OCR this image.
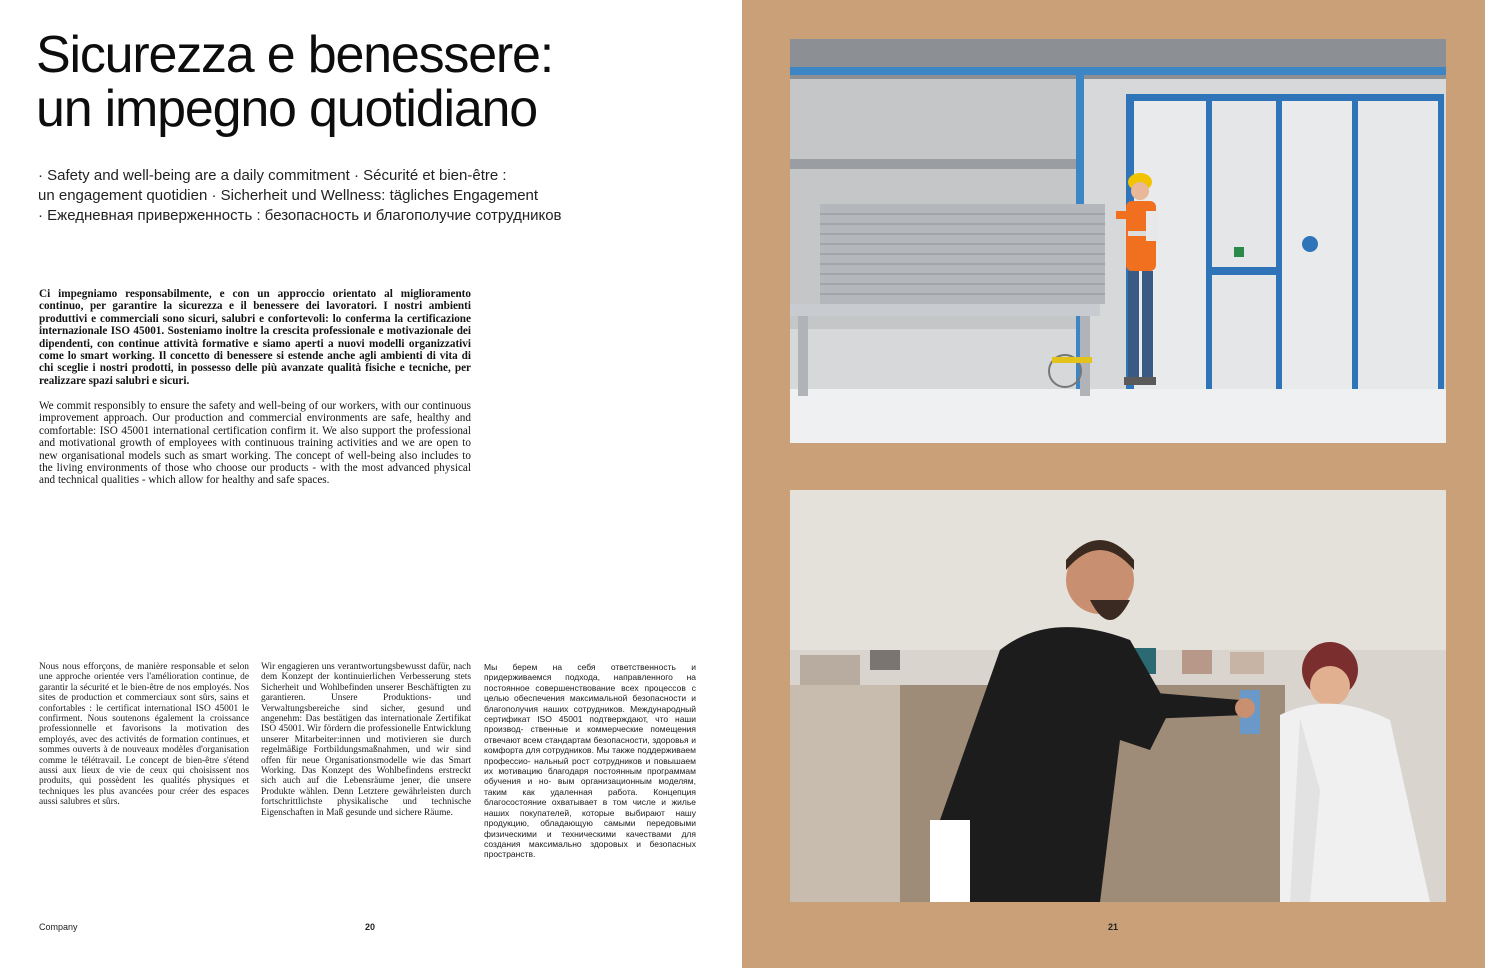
Sicurezza e benessere:
un impegno quotidiano
· Safety and well-being are a daily commitment · Sécurité et bien-être :
un engagement quotidien · Sicherheit und Wellness: tägliches Engagement
· Ежедневная приверженность : безопасность и благополучие сотрудников

Ci impegniamo responsabilmente, e con un approccio orientato al miglioramento continuo, per garantire la sicurezza e il benessere dei lavoratori. I nostri ambienti produttivi e commerciali sono sicuri, salubri e confortevoli: lo conferma la certificazione internazionale ISO 45001. Sosteniamo inoltre la crescita professionale e motivazionale dei dipendenti, con continue attività formative e siamo aperti a nuovi modelli organizzativi come lo smart working. Il concetto di benessere si estende anche agli ambienti di vita di chi sceglie i nostri prodotti, in possesso delle più avanzate qualità fisiche e tecniche, per realizzare spazi salubri e sicuri.

We commit responsibly to ensure the safety and well-being of our workers, with our continuous improvement approach. Our production and commercial environments are safe, healthy and comfortable: ISO 45001 international certification confirm it. We also support the professional and motivational growth of employees with continuous training activities and we are open to new organisational models such as smart working. The concept of well-being also includes to the living environments of those who choose our products - with the most advanced physical and technical qualities - which allow for healthy and safe spaces.

Nous nous efforçons, de manière responsable et selon une approche orientée vers l'amélioration continue, de garantir la sécurité et le bien-être de nos employés. Nos sites de production et commerciaux sont sûrs, sains et confortables : le certificat international ISO 45001 le confirment. Nous soutenons également la croissance professionnelle et favorisons la motivation des employés, avec des activités de formation continues, et sommes ouverts à de nouveaux modèles d'organisation comme le télétravail. Le concept de bien-être s'étend aussi aux lieux de vie de ceux qui choisissent nos produits, qui possèdent les qualités physiques et techniques les plus avancées pour créer des espaces aussi salubres et sûrs.

Wir engagieren uns verantwortungsbewusst dafür, nach dem Konzept der kontinuierlichen Verbesserung stets Sicherheit und Wohlbefinden unserer Beschäftigten zu garantieren. Unsere Produktions- und Verwaltungsbereiche sind sicher, gesund und angenehm: Das bestätigen das internationale Zertifikat ISO 45001. Wir fördern die professionelle Entwicklung unserer Mitarbeiter:innen und motivieren sie durch regelmäßige Fortbildungsmaßnahmen, und wir sind offen für neue Organisationsmodelle wie das Smart Working. Das Konzept des Wohlbefindens erstreckt sich auch auf die Lebensräume jener, die unsere Produkte wählen. Denn Letztere gewährleisten durch fortschrittlichste physikalische und technische Eigenschaften in Maß gesunde und sichere Räume.

Мы берем на себя ответственность и придерживаемся подхода, направленного на постоянное совершенствование всех процессов с целью обеспечения максимальной безопасности и благополучия наших сотрудников. Международный сертификат ISO 45001 подтверждают, что наши производ- ственные и коммерческие помещения отвечают всем стандартам безопасности, здоровья и комфорта для сотрудников. Мы также поддерживаем профессио- нальный рост сотрудников и повышаем их мотивацию благодаря постоянным программам обучения и но- вым организационным моделям, таким как удаленная работа. Концепция благосостояние охватывает в том числе и жилье наших покупателей, которые выбирают нашу продукцию, обладающую самыми передовыми физическими и техническими качествами для создания максимально здоровых и безопасных пространств.

Company	20	21
